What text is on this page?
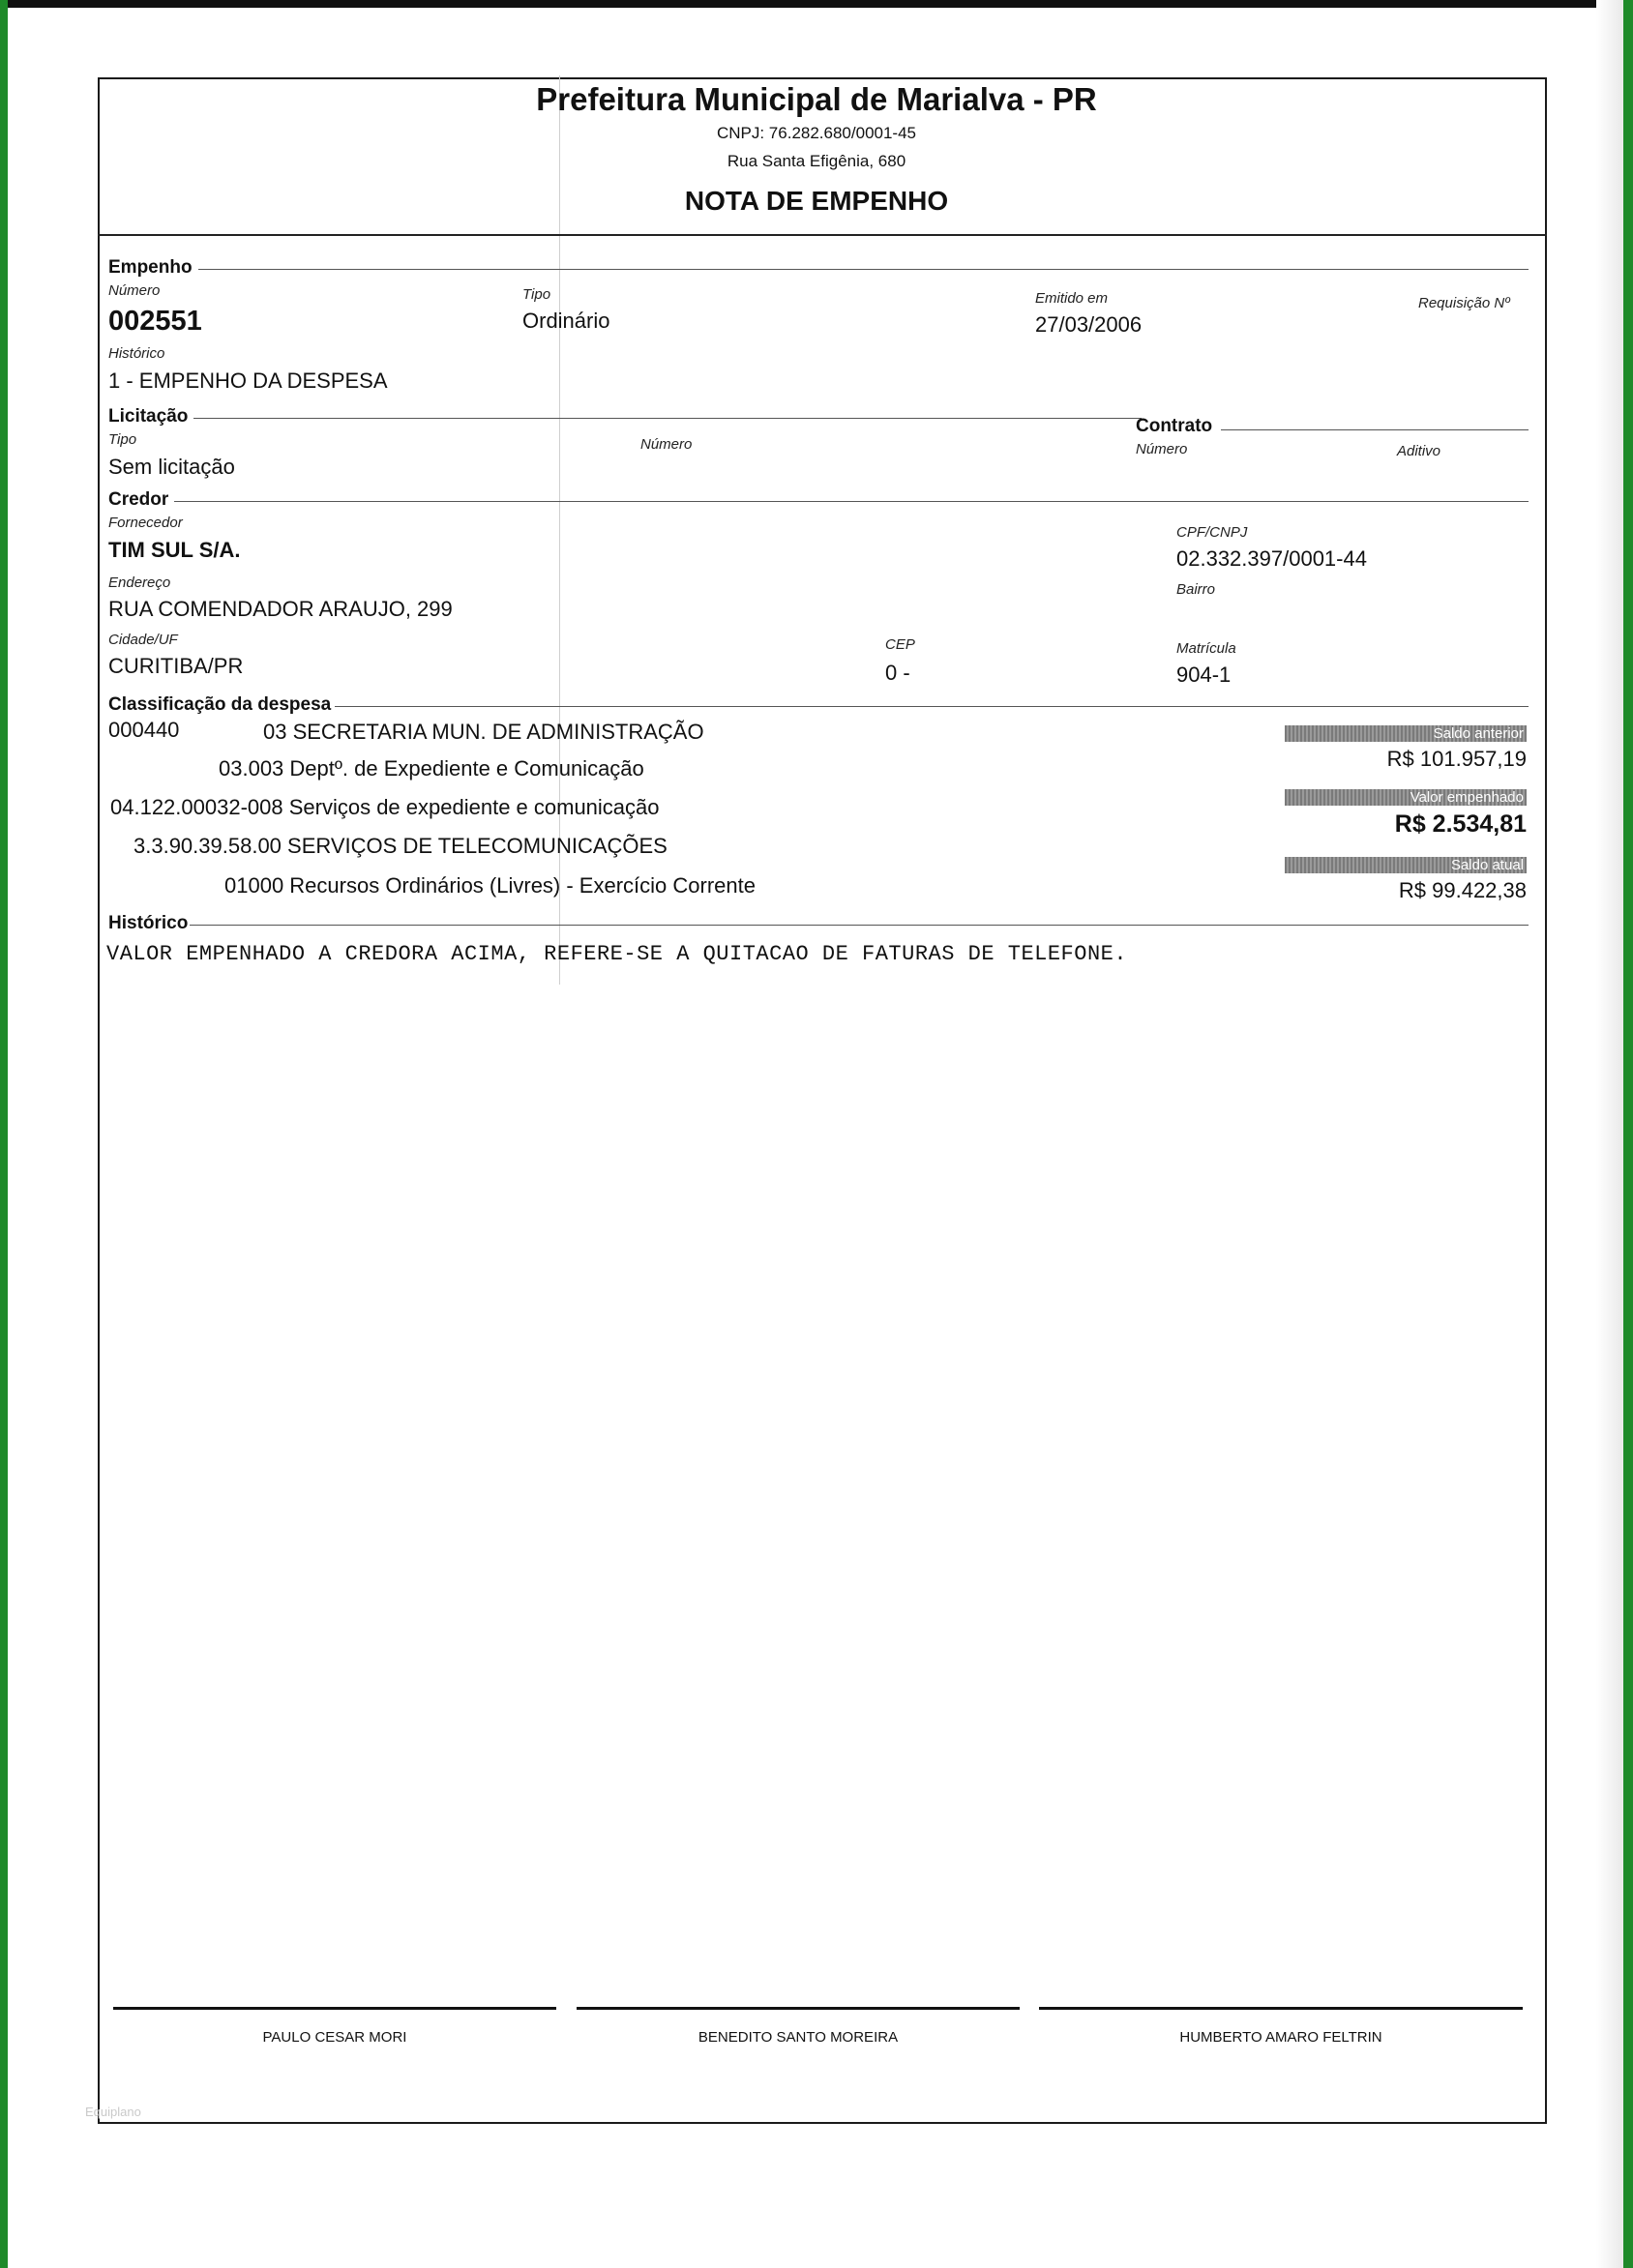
Prefeitura Municipal de Marialva - PR
CNPJ: 76.282.680/0001-45
Rua Santa Efigênia, 680
NOTA DE EMPENHO
Empenho
Número
002551
Tipo
Ordinário
Emitido em
27/03/2006
Requisição Nº
Histórico
1 - EMPENHO DA DESPESA
Licitação
Tipo
Sem licitação
Número
Contrato
Número	Aditivo
Credor
Fornecedor
TIM SUL S/A.
CPF/CNPJ
02.332.397/0001-44
Endereço
RUA COMENDADOR ARAUJO, 299
Bairro
Cidade/UF
CURITIBA/PR
CEP
0 -
Matrícula
904-1
Classificação da despesa
000440	03 SECRETARIA MUN. DE ADMINISTRAÇÃO
03.003 Deptº. de Expediente e Comunicação
04.122.00032-008 Serviços de expediente e comunicação
3.3.90.39.58.00 SERVIÇOS DE TELECOMUNICAÇÕES
01000 Recursos Ordinários (Livres) - Exercício Corrente
Saldo anterior
R$ 101.957,19
Valor empenhado
R$ 2.534,81
Saldo atual
R$ 99.422,38
Histórico
VALOR EMPENHADO A CREDORA ACIMA, REFERE-SE A QUITACAO DE FATURAS DE TELEFONE.
PAULO CESAR MORI	BENEDITO SANTO MOREIRA	HUMBERTO AMARO FELTRIN
Equiplano
